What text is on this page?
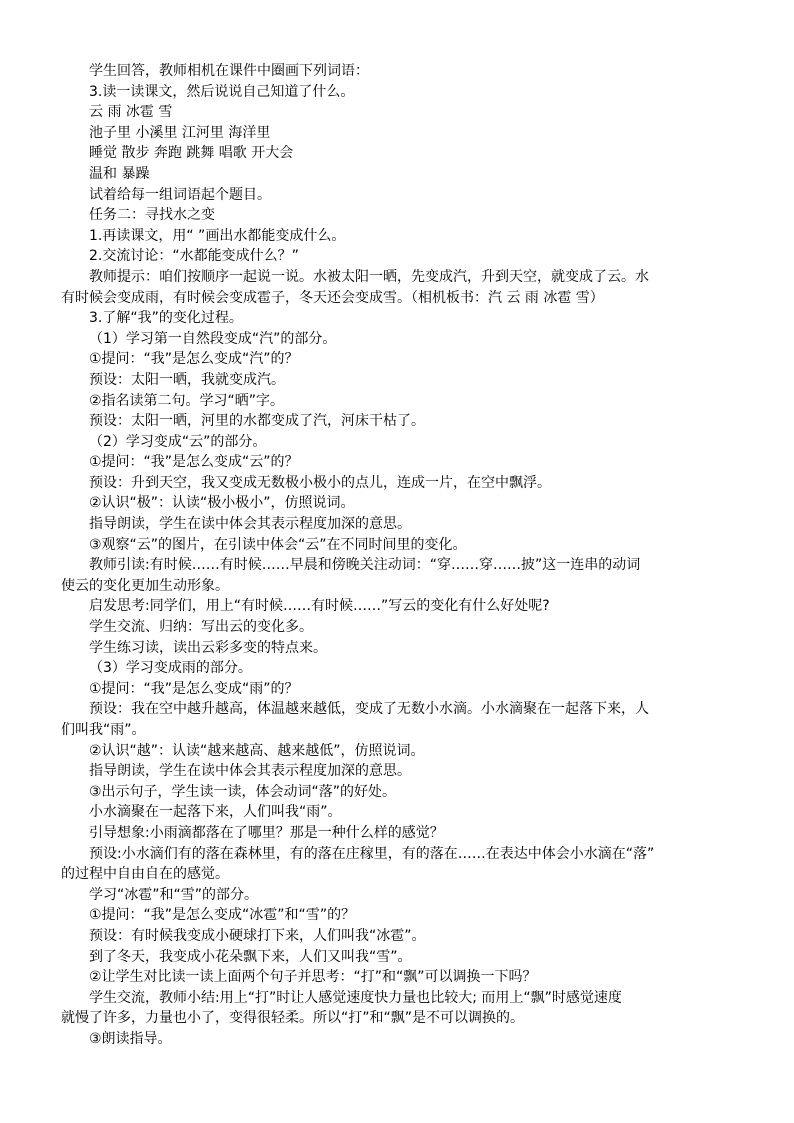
学生回答，教师相机在课件中圈画下列词语：
3.读一读课文，然后说说自己知道了什么。
云 雨 冰雹 雪
池子里 小溪里 江河里 海洋里
睡觉 散步 奔跑 跳舞 唱歌 开大会
温和 暴躁
试着给每一组词语起个题目。
任务二：寻找水之变
1.再读课文，用“ ”画出水都能变成什么。
2.交流讨论：“水都能变成什么？”
教师提示：咱们按顺序一起说一说。水被太阳一晒，先变成汽，升到天空，就变成了云。水
有时候会变成雨，有时候会变成雹子，冬天还会变成雪。（相机板书：汽 云 雨 冰雹 雪）
3.了解“我”的变化过程。
（1）学习第一自然段变成“汽”的部分。
①提问：“我”是怎么变成“汽”的？
预设：太阳一晒，我就变成汽。
②指名读第二句。学习“晒”字。
预设：太阳一晒，河里的水都变成了汽，河床干枯了。
（2）学习变成“云”的部分。
①提问：“我”是怎么变成“云”的？
预设：升到天空，我又变成无数极小极小的点儿，连成一片，在空中飘浮。
②认识“极”：认读“极小极小”，仿照说词。
指导朗读，学生在读中体会其表示程度加深的意思。
③观察“云”的图片，在引读中体会“云”在不同时间里的变化。
教师引读:有时候……有时候……早晨和傍晚关注动词：“穿……穿……披”这一连串的动词
使云的变化更加生动形象。
启发思考:同学们，用上“有时候……有时候……”写云的变化有什么好处呢?
学生交流、归纳：写出云的变化多。
学生练习读，读出云彩多变的特点来。
（3）学习变成雨的部分。
①提问：“我”是怎么变成“雨”的？
预设：我在空中越升越高，体温越来越低，变成了无数小水滴。小水滴聚在一起落下来，人
们叫我“雨”。
②认识“越”：认读“越来越高、越来越低”，仿照说词。
指导朗读，学生在读中体会其表示程度加深的意思。
③出示句子，学生读一读，体会动词“落”的好处。
小水滴聚在一起落下来，人们叫我“雨”。
引导想象:小雨滴都落在了哪里？那是一种什么样的感觉？
预设:小水滴们有的落在森林里，有的落在庄稼里，有的落在……在表达中体会小水滴在“落”
的过程中自由自在的感觉。
学习“冰雹”和“雪”的部分。
①提问：“我”是怎么变成“冰雹”和“雪”的？
预设：有时候我变成小硬球打下来，人们叫我“冰雹”。
到了冬天，我变成小花朵飘下来，人们又叫我“雪”。
②让学生对比读一读上面两个句子并思考：“打”和“飘”可以调换一下吗？
学生交流，教师小结:用上“打”时让人感觉速度快力量也比较大; 而用上“飘”时感觉速度
就慢了许多，力量也小了，变得很轻柔。所以“打”和“飘”是不可以调换的。
③朗读指导。
